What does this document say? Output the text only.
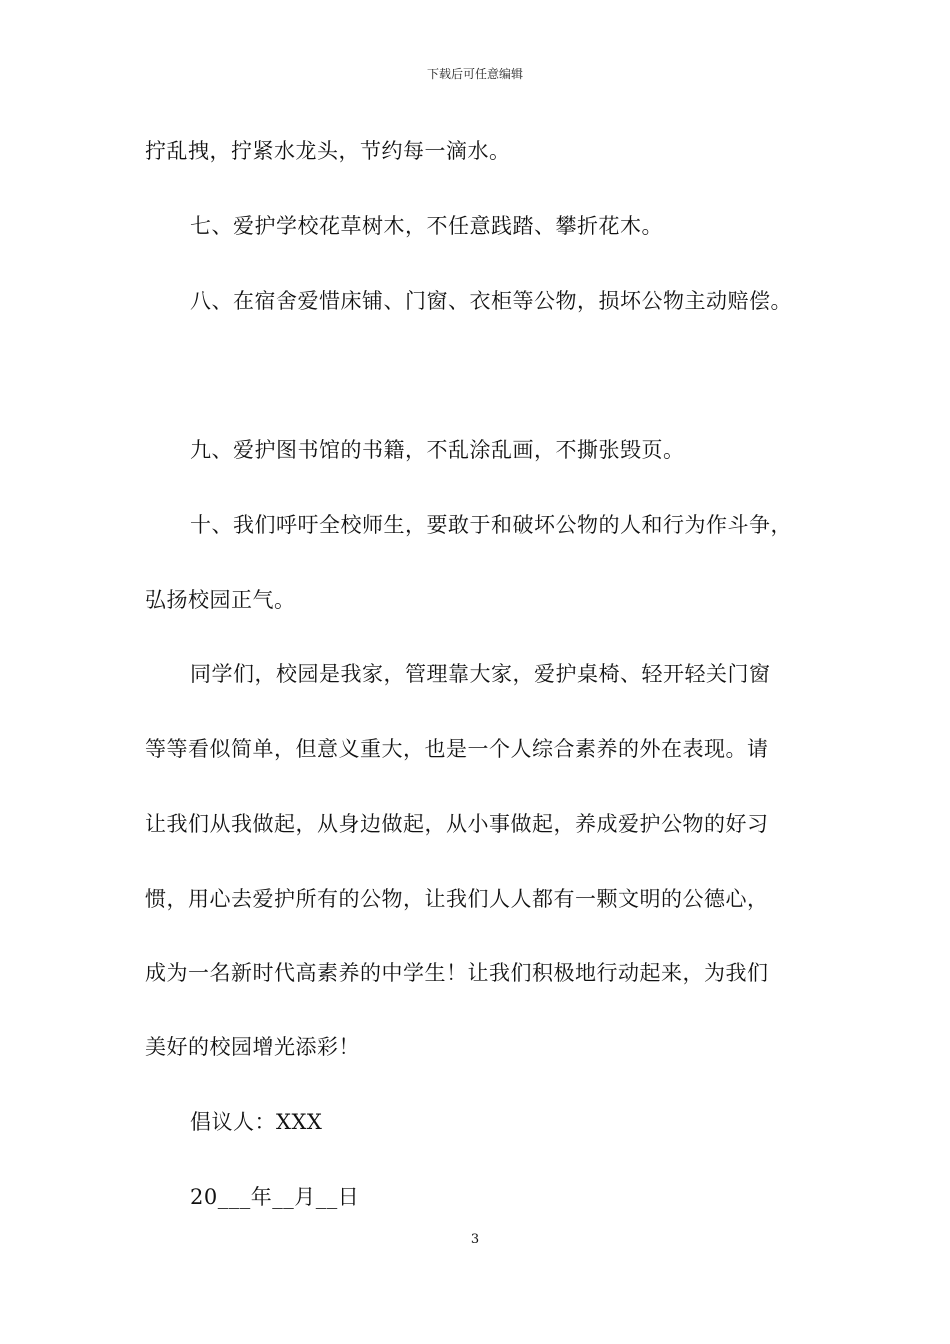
下载后可任意编辑
拧乱拽，拧紧水龙头，节约每一滴水。
七、爱护学校花草树木，不任意践踏、攀折花木。
八、在宿舍爱惜床铺、门窗、衣柜等公物，损坏公物主动赔偿。
九、爱护图书馆的书籍，不乱涂乱画，不撕张毁页。
十、我们呼吁全校师生，要敢于和破坏公物的人和行为作斗争，
弘扬校园正气。
同学们，校园是我家，管理靠大家，爱护桌椅、轻开轻关门窗
等等看似简单，但意义重大，也是一个人综合素养的外在表现。请
让我们从我做起，从身边做起，从小事做起，养成爱护公物的好习
惯，用心去爱护所有的公物，让我们人人都有一颗文明的公德心，
成为一名新时代高素养的中学生！让我们积极地行动起来，为我们
美好的校园增光添彩！
倡议人：XXX
20___年__月__日
3
